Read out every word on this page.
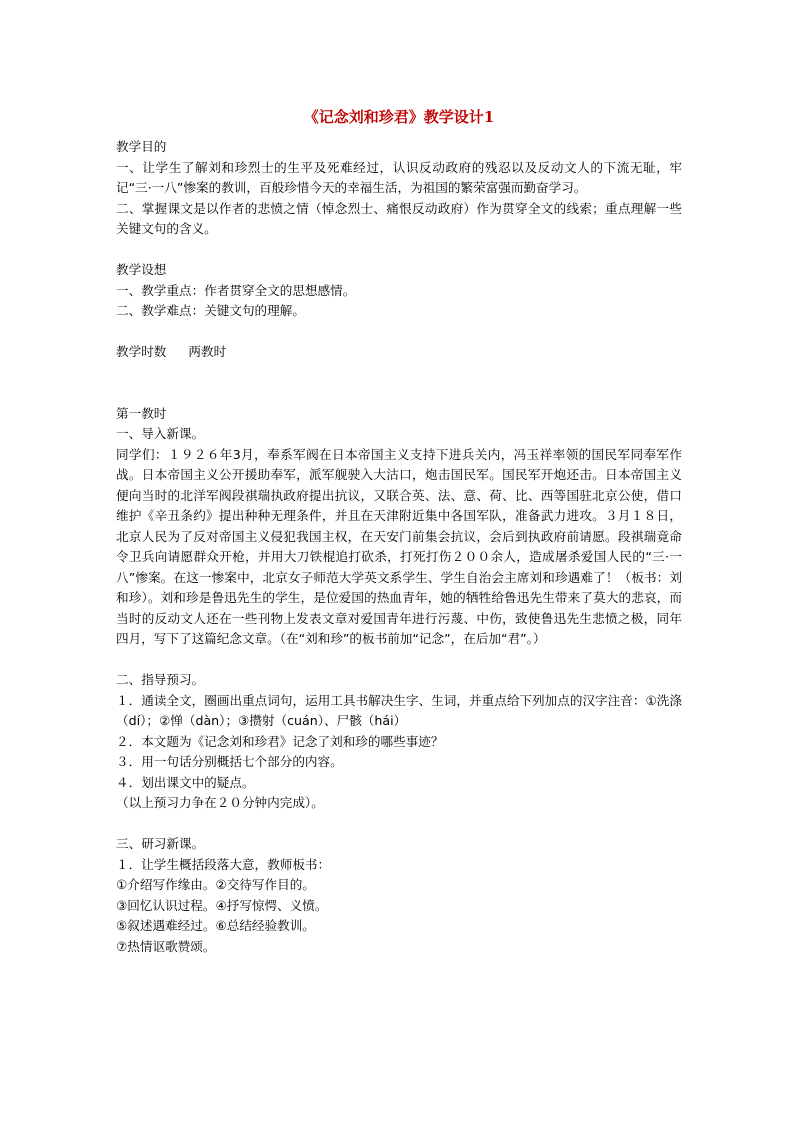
《记念刘和珍君》教学设计1

教学目的

一、让学生了解刘和珍烈士的生平及死难经过，认识反动政府的残忍以及反动文人的下流无耻，牢记“三·一八”惨案的教训，百般珍惜今天的幸福生活，为祖国的繁荣富强而勤奋学习。

二、掌握课文是以作者的悲愤之情（悼念烈士、痛恨反动政府）作为贯穿全文的线索；重点理解一些关键文句的含义。

教学设想

一、教学重点：作者贯穿全文的思想感情。

二、教学难点：关键文句的理解。

教学时数 两教时

第一教时

一、导入新课。

同学们：１９２６年3月，奉系军阀在日本帝国主义支持下进兵关内，冯玉祥率领的国民军同奉军作战。日本帝国主义公开援助奉军，派军舰驶入大沽口，炮击国民军。国民军开炮还击。日本帝国主义便向当时的北洋军阀段祺瑞执政府提出抗议，又联合英、法、意、荷、比、西等国驻北京公使，借口维护《辛丑条约》提出种种无理条件，并且在天津附近集中各国军队，准备武力进攻。３月１８日，北京人民为了反对帝国主义侵犯我国主权，在天安门前集会抗议，会后到执政府前请愿。段祺瑞竟命令卫兵向请愿群众开枪，并用大刀铁棍追打砍杀，打死打伤２００余人，造成屠杀爱国人民的“三·一八”惨案。在这一惨案中，北京女子师范大学英文系学生、学生自治会主席刘和珍遇难了！（板书：刘和珍）。刘和珍是鲁迅先生的学生，是位爱国的热血青年，她的牺牲给鲁迅先生带来了莫大的悲哀，而当时的反动文人还在一些刊物上发表文章对爱国青年进行污蔑、中伤，致使鲁迅先生悲愤之极，同年四月，写下了这篇纪念文章。（在“刘和珍”的板书前加“记念”，在后加“君”。）

二、指导预习。

１．通读全文，圈画出重点词句，运用工具书解决生字、生词，并重点给下列加点的汉字注音：①洗涤（dí）；②惮（dàn）；③攒射（cuán）、尸骸（hái）

２．本文题为《记念刘和珍君》记念了刘和珍的哪些事迹？

３．用一句话分别概括七个部分的内容。

４．划出课文中的疑点。

（以上预习力争在２０分钟内完成）。

三、研习新课。

１．让学生概括段落大意，教师板书：

①介绍写作缘由。②交待写作目的。

③回忆认识过程。④抒写惊愕、义愤。

⑤叙述遇难经过。⑥总结经验教训。

⑦热情讴歌赞颂。
